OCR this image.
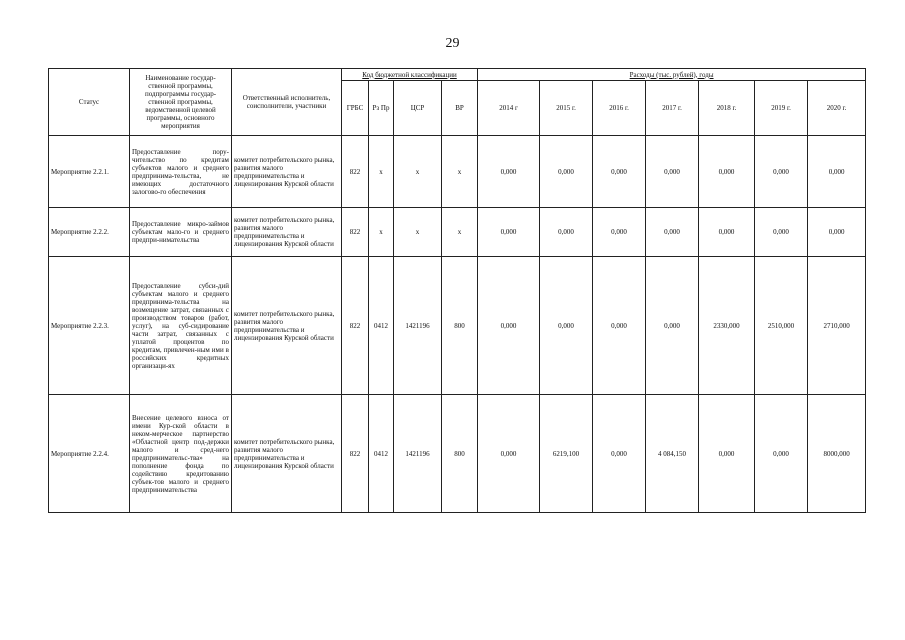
29
Статус	Наименование государ-ственной программы, подпрограммы государ-ственной программы, ведомственной целевой программы, основного мероприятия	Ответственный исполнитель, соисполнители, участники	Код бюджетной классификации				Расходы (тыс. рублей), годы						
			ГРБС	Рз Пр	ЦСР	ВР	2014 г	2015 г.	2016 г.	2017 г.	2018 г.	2019 г.	2020 г.
Мероприятие 2.2.1.	Предоставление пору-чительство по кредитам субъектов малого и среднего предпринима-тельства, не имеющих достаточного залогово-го обеспечения	комитет потребительского рынка, развития малого предпринимательства и лицензирования Курской области	822	х	х	х	0,000	0,000	0,000	0,000	0,000	0,000	0,000
Мероприятие 2.2.2.	Предоставление микро-займов субъектам мало-го и среднего предпри-нимательства	комитет потребительского рынка, развития малого предпринимательства и лицензирования Курской области	822	х	х	х	0,000	0,000	0,000	0,000	0,000	0,000	0,000
Мероприятие 2.2.3.	Предоставление субси-дий субъектам малого и среднего предпринима-тельства на возмещение затрат, связанных с производством товаров (работ, услуг), на суб-сидирование части затрат, связанных с уплатой процентов по кредитам, привлечен-ным ими в российских кредитных организаци-ях	комитет потребительского рынка, развития малого предпринимательства и лицензирования Курской области	822	0412	1421196	800	0,000	0,000	0,000	0,000	2330,000	2510,000	2710,000
Мероприятие 2.2.4.	Внесение целевого взноса от имени Кур-ской области в неком-мерческое партнерство «Областной центр под-держки малого и сред-него предпринимательс-тва» на пополнение фонда по содействию кредитованию субъек-тов малого и среднего предпринимательства	комитет потребительского рынка, развития малого предпринимательства и лицензирования Курской области	822	0412	1421196	800	0,000	6219,100	0,000	4 084,150	0,000	0,000	8000,000
